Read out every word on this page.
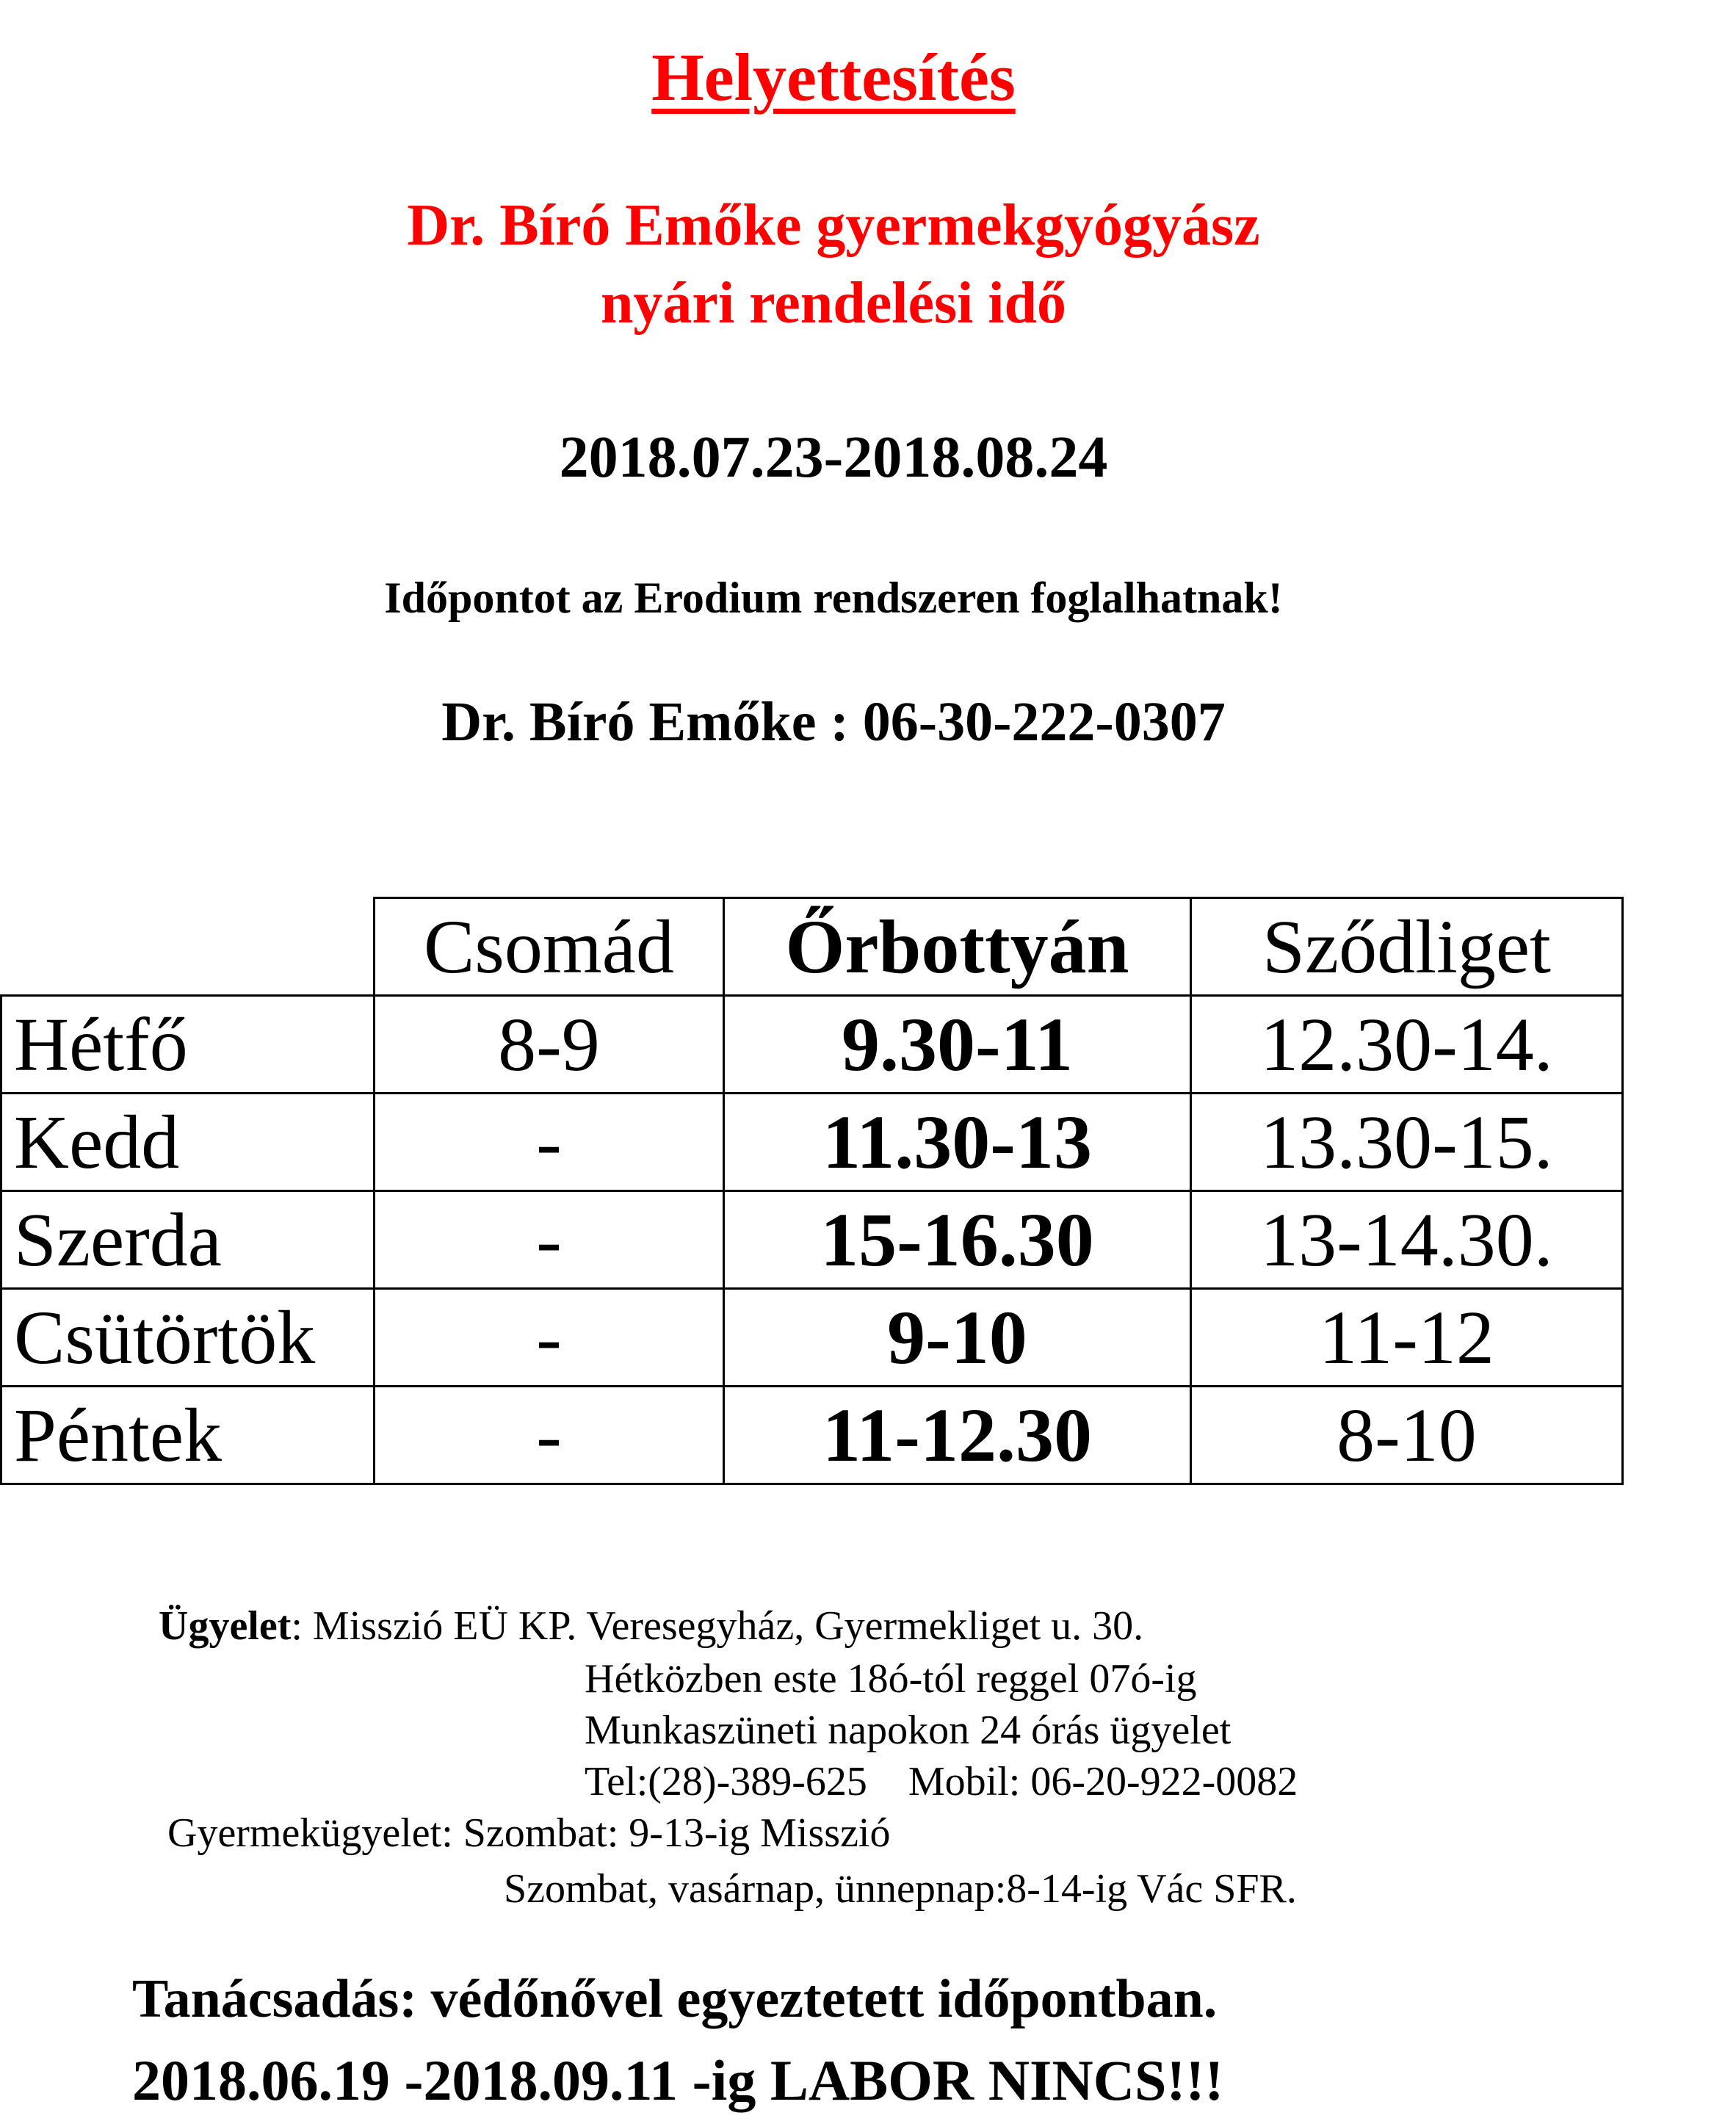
Helyettesítés
Dr. Bíró Emőke gyermekgyógyász
nyári rendelési idő
2018.07.23-2018.08.24
Időpontot az Erodium rendszeren foglalhatnak!
Dr. Bíró Emőke : 06-30-222-0307
	Csomád	Őrbottyán	Sződliget
Hétfő	8-9	9.30-11	12.30-14.
Kedd	-	11.30-13	13.30-15.
Szerda	-	15-16.30	13-14.30.
Csütörtök	-	9-10	11-12
Péntek	-	11-12.30	8-10
Ügyelet: Misszió EÜ KP. Veresegyház, Gyermekliget u. 30.
Hétközben este 18ó-tól reggel 07ó-ig
Munkaszüneti napokon 24 órás ügyelet
Tel:(28)-389-625    Mobil: 06-20-922-0082
Gyermekügyelet: Szombat: 9-13-ig Misszió
Szombat, vasárnap, ünnepnap:8-14-ig Vác SFR.
Tanácsadás: védőnővel egyeztetett időpontban.
2018.06.19 -2018.09.11 -ig LABOR NINCS!!!
